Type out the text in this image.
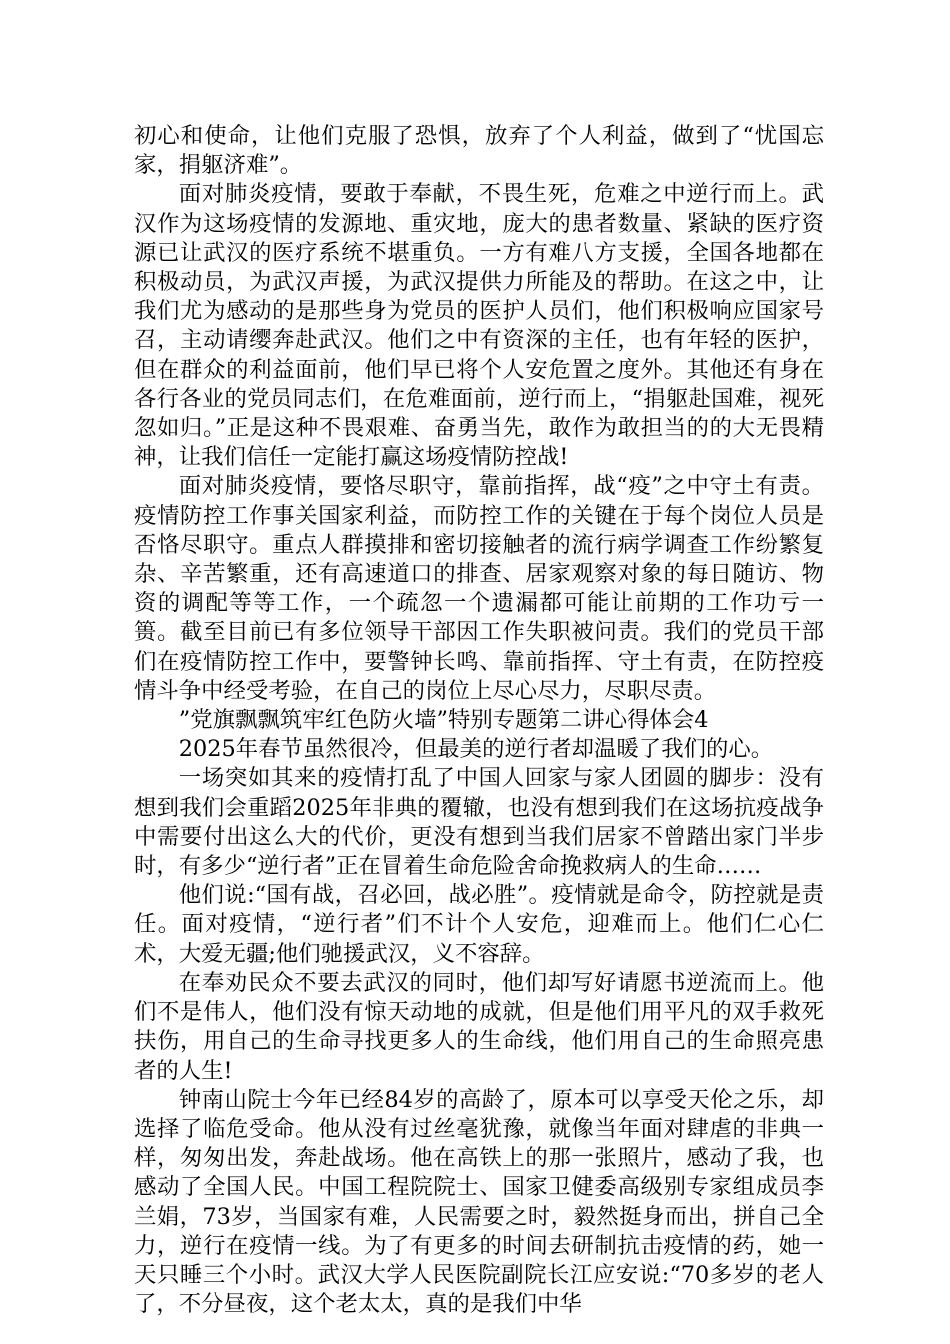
初心和使命，让他们克服了恐惧，放弃了个人利益，做到了“忧国忘家，捐躯济难”。

面对肺炎疫情，要敢于奉献，不畏生死，危难之中逆行而上。武汉作为这场疫情的发源地、重灾地，庞大的患者数量、紧缺的医疗资源已让武汉的医疗系统不堪重负。一方有难八方支援，全国各地都在积极动员，为武汉声援，为武汉提供力所能及的帮助。在这之中，让我们尤为感动的是那些身为党员的医护人员们，他们积极响应国家号召，主动请缨奔赴武汉。他们之中有资深的主任，也有年轻的医护，但在群众的利益面前，他们早已将个人安危置之度外。其他还有身在各行各业的党员同志们，在危难面前，逆行而上，“捐躯赴国难，视死忽如归。”正是这种不畏艰难、奋勇当先，敢作为敢担当的的大无畏精神，让我们信任一定能打赢这场疫情防控战!

面对肺炎疫情，要恪尽职守，靠前指挥，战“疫”之中守土有责。疫情防控工作事关国家利益，而防控工作的关键在于每个岗位人员是否恪尽职守。重点人群摸排和密切接触者的流行病学调查工作纷繁复杂、辛苦繁重，还有高速道口的排查、居家观察对象的每日随访、物资的调配等等工作，一个疏忽一个遗漏都可能让前期的工作功亏一篑。截至目前已有多位领导干部因工作失职被问责。我们的党员干部们在疫情防控工作中，要警钟长鸣、靠前指挥、守土有责，在防控疫情斗争中经受考验，在自己的岗位上尽心尽力，尽职尽责。

”党旗飘飘筑牢红色防火墙”特别专题第二讲心得体会4

2025年春节虽然很冷，但最美的逆行者却温暖了我们的心。

一场突如其来的疫情打乱了中国人回家与家人团圆的脚步：没有想到我们会重蹈2025年非典的覆辙，也没有想到我们在这场抗疫战争中需要付出这么大的代价，更没有想到当我们居家不曾踏出家门半步时，有多少“逆行者”正在冒着生命危险舍命挽救病人的生命……

他们说:“国有战，召必回，战必胜”。疫情就是命令，防控就是责任。面对疫情，“逆行者”们不计个人安危，迎难而上。他们仁心仁术，大爱无疆;他们驰援武汉，义不容辞。

在奉劝民众不要去武汉的同时，他们却写好请愿书逆流而上。他们不是伟人，他们没有惊天动地的成就，但是他们用平凡的双手救死扶伤，用自己的生命寻找更多人的生命线，他们用自己的生命照亮患者的人生!

钟南山院士今年已经84岁的高龄了，原本可以享受天伦之乐，却选择了临危受命。他从没有过丝毫犹豫，就像当年面对肆虐的非典一样，匆匆出发，奔赴战场。他在高铁上的那一张照片，感动了我，也感动了全国人民。中国工程院院士、国家卫健委高级别专家组成员李兰娟，73岁，当国家有难，人民需要之时，毅然挺身而出，拼自己全力，逆行在疫情一线。为了有更多的时间去研制抗击疫情的药，她一天只睡三个小时。武汉大学人民医院副院长江应安说:“70多岁的老人了，不分昼夜，这个老太太，真的是我们中华
